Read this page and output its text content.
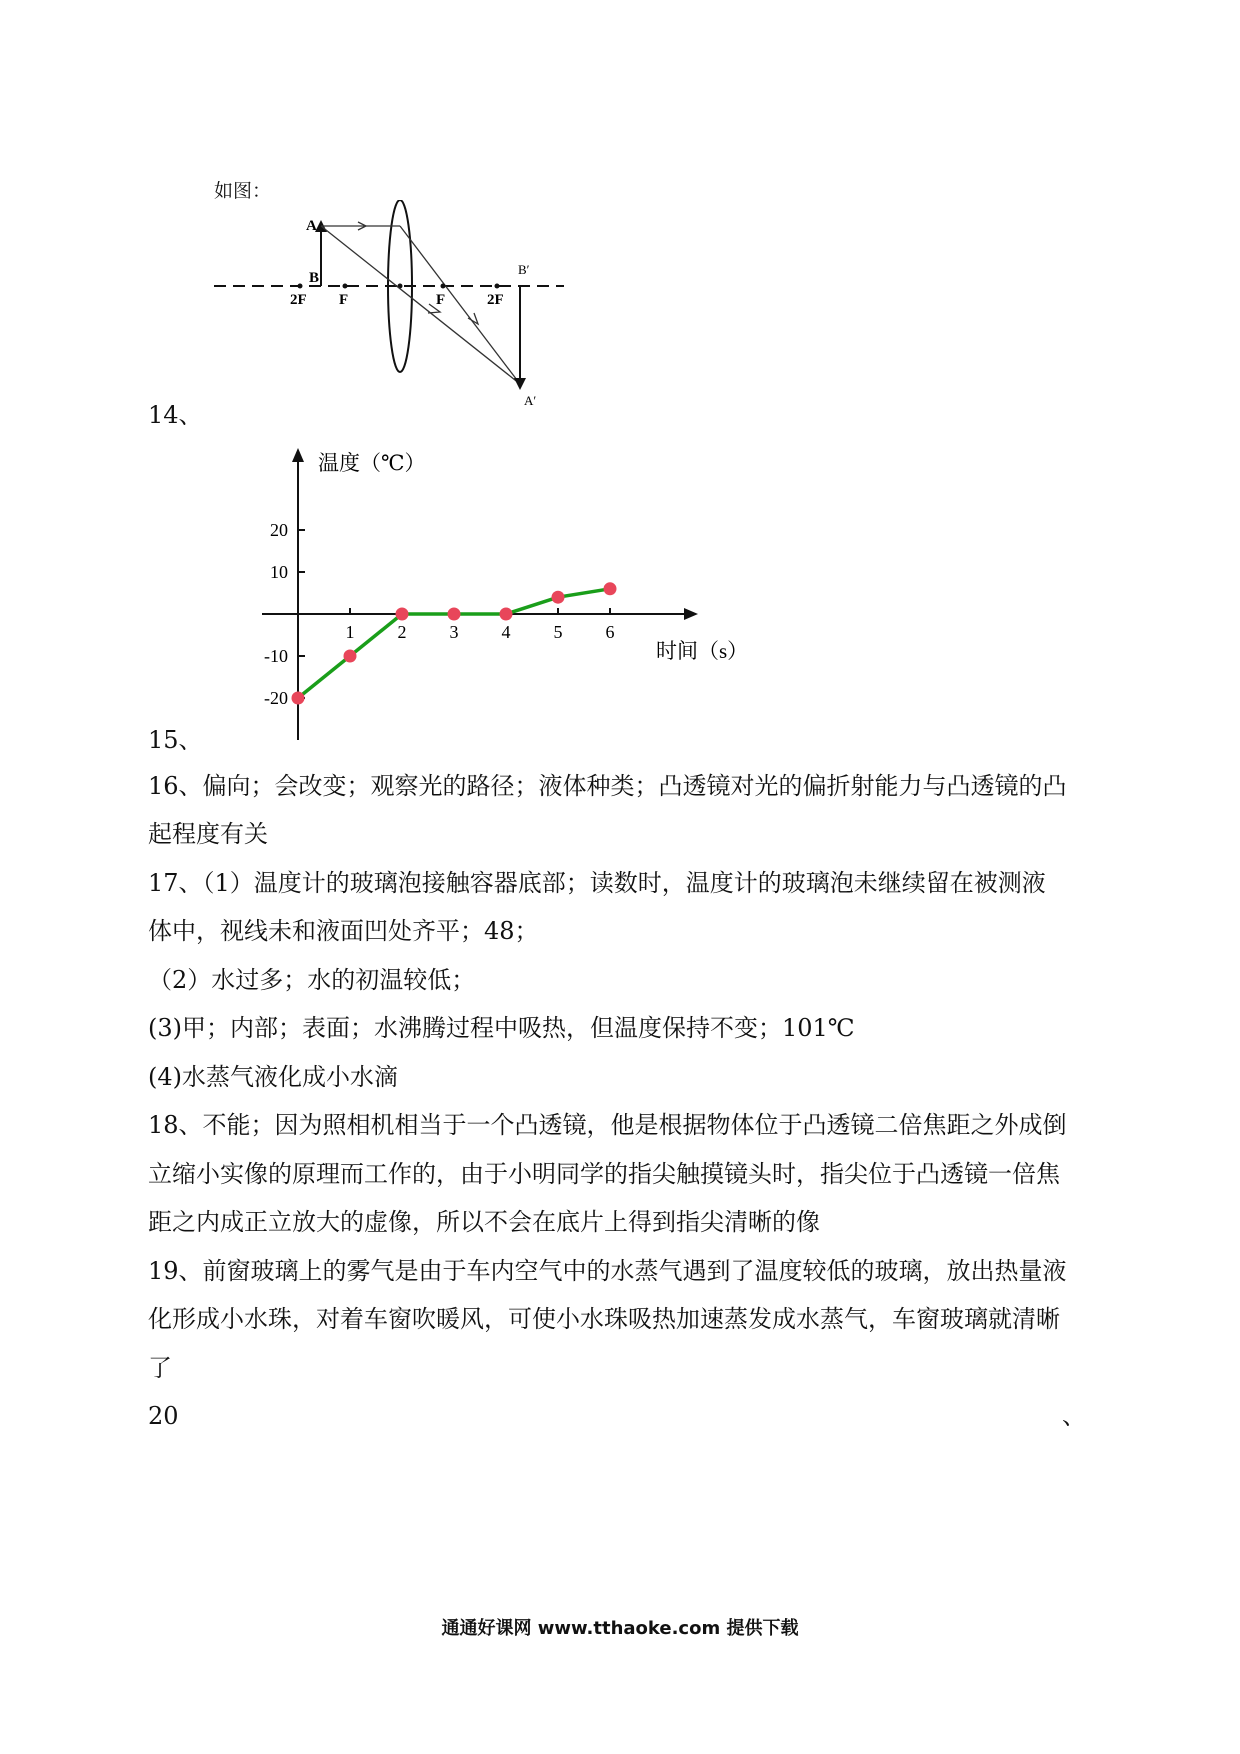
如图：
A
B
2F F	F	2F
B′
A′
14、
1 2 3 4 5 6
20
10
-10
-20
温度（℃）
时间（s）
15、
16、偏向；会改变；观察光的路径；液体种类；凸透镜对光的偏折射能力与凸透镜的凸
起程度有关
17、（1）温度计的玻璃泡接触容器底部；读数时，温度计的玻璃泡未继续留在被测液
体中，视线未和液面凹处齐平；48；
（2）水过多；水的初温较低；
(3)甲；内部；表面；水沸腾过程中吸热，但温度保持不变；101℃
(4)水蒸气液化成小水滴
18、不能；因为照相机相当于一个凸透镜，他是根据物体位于凸透镜二倍焦距之外成倒
立缩小实像的原理而工作的，由于小明同学的指尖触摸镜头时，指尖位于凸透镜一倍焦
距之内成正立放大的虚像，所以不会在底片上得到指尖清晰的像
19、前窗玻璃上的雾气是由于车内空气中的水蒸气遇到了温度较低的玻璃，放出热量液
化形成小水珠，对着车窗吹暖风，可使小水珠吸热加速蒸发成水蒸气，车窗玻璃就清晰
了
20	、
通通好课网 www.tthaoke.com 提供下载
